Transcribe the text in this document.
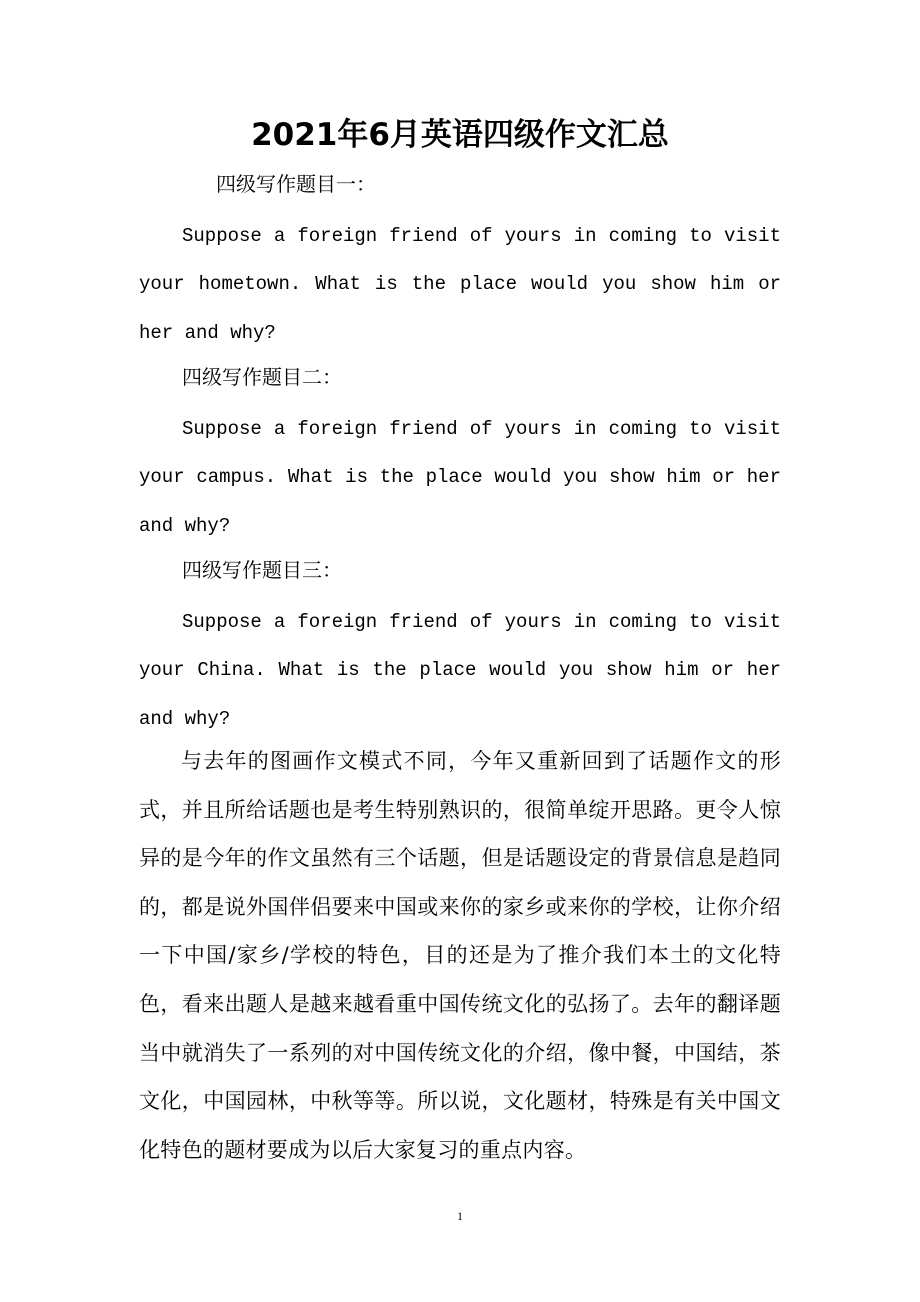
2021年6月英语四级作文汇总

四级写作题目一：

Suppose a foreign friend of yours in coming to visit your hometown. What is the place would you show him or her and why?

四级写作题目二：

Suppose a foreign friend of yours in coming to visit your campus. What is the place would you show him or her and why?

四级写作题目三：

Suppose a foreign friend of yours in coming to visit your China. What is the place would you show him or her and why?

与去年的图画作文模式不同，今年又重新回到了话题作文的形式，并且所给话题也是考生特别熟识的，很简单绽开思路。更令人惊异的是今年的作文虽然有三个话题，但是话题设定的背景信息是趋同的，都是说外国伴侣要来中国或来你的家乡或来你的学校，让你介绍一下中国/家乡/学校的特色，目的还是为了推介我们本土的文化特色，看来出题人是越来越看重中国传统文化的弘扬了。去年的翻译题当中就消失了一系列的对中国传统文化的介绍，像中餐，中国结，茶文化，中国园林，中秋等等。所以说，文化题材，特殊是有关中国文化特色的题材要成为以后大家复习的重点内容。

1
